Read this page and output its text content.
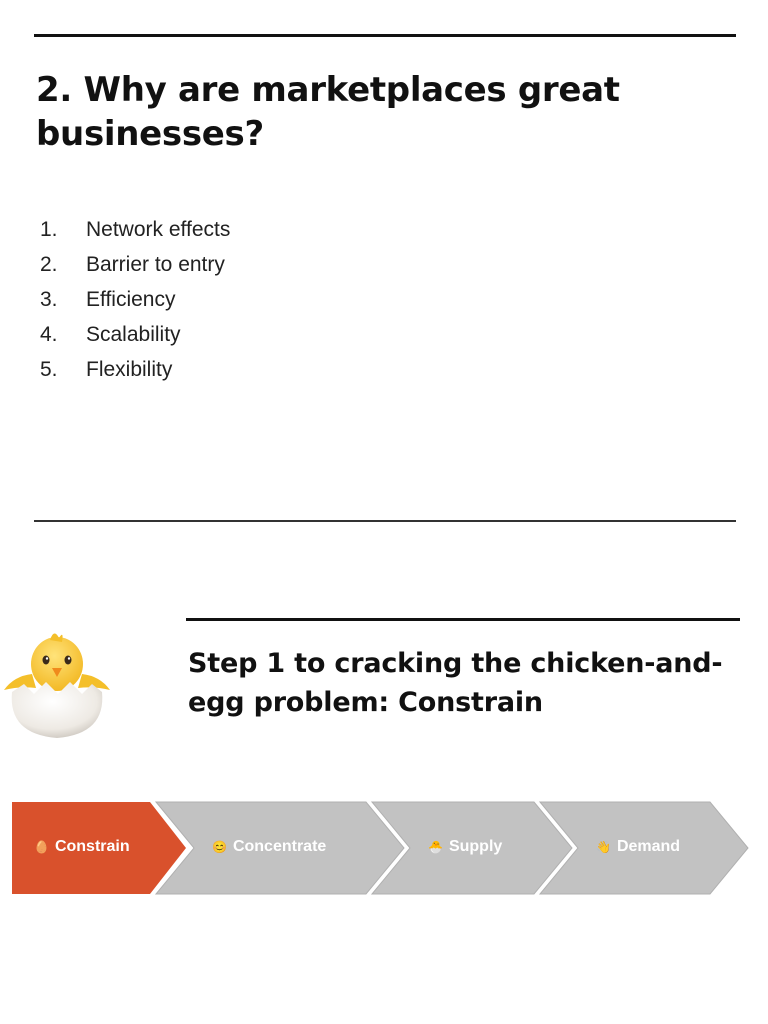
2. Why are marketplaces great businesses?
1.	Network effects
2.	Barrier to entry
3.	Efficiency
4.	Scalability
5.	Flexibility
Step 1 to cracking the chicken-and-egg problem: Constrain
🥚 Constrain	😊 Concentrate	🐣 Supply	👋 Demand
